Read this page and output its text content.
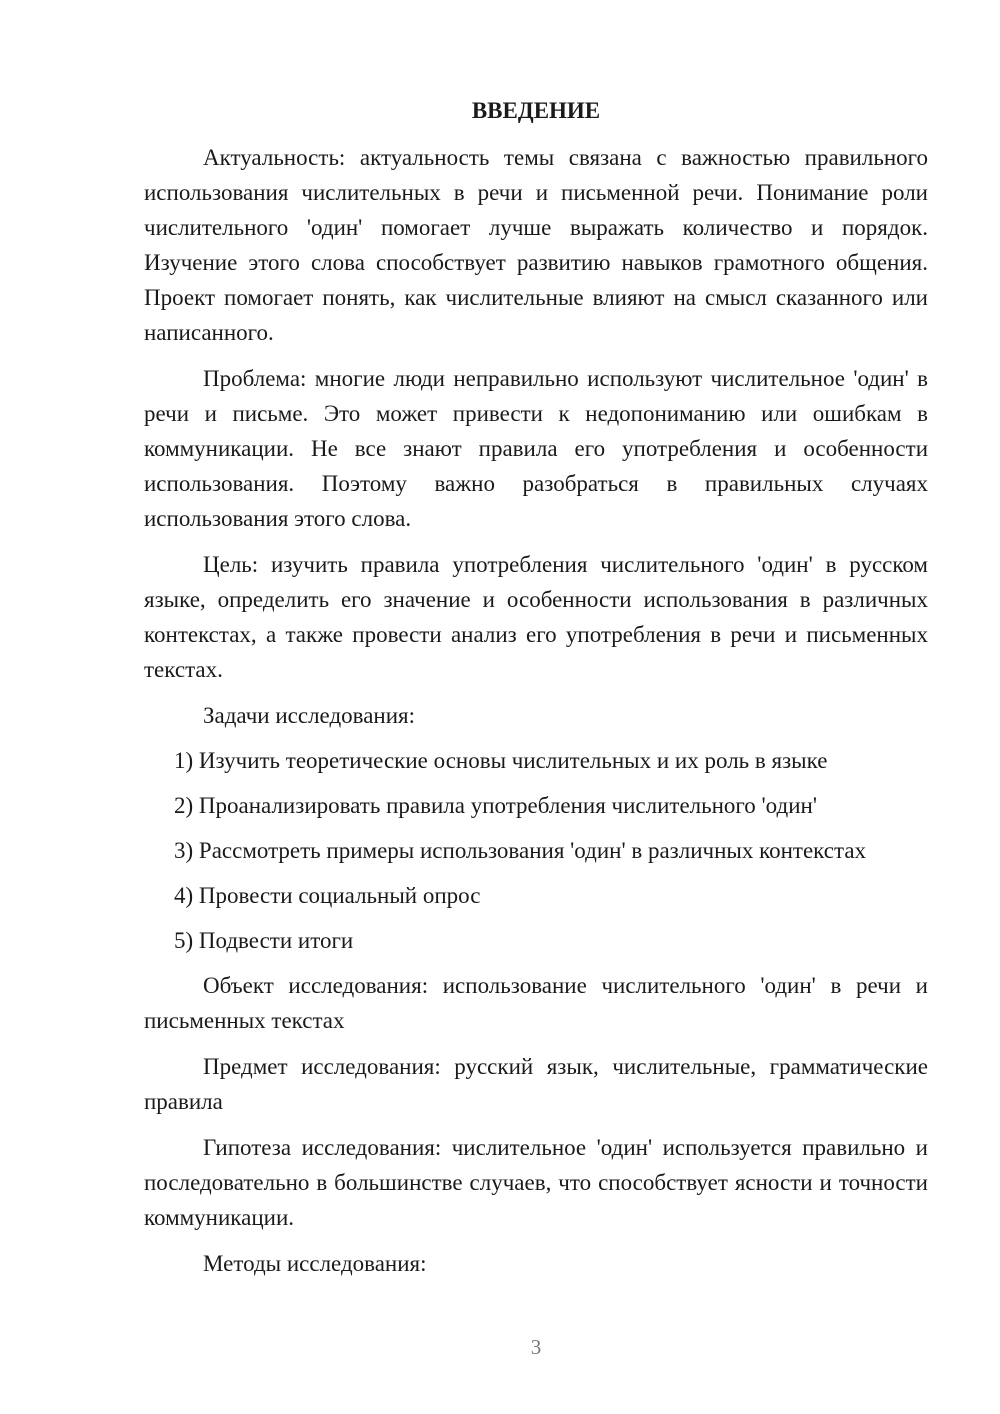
ВВЕДЕНИЕ

Актуальность: актуальность темы связана с важностью правильного использования числительных в речи и письменной речи. Понимание роли числительного 'один' помогает лучше выражать количество и порядок. Изучение этого слова способствует развитию навыков грамотного общения. Проект помогает понять, как числительные влияют на смысл сказанного или написанного.

Проблема: многие люди неправильно используют числительное 'один' в речи и письме. Это может привести к недопониманию или ошибкам в коммуникации. Не все знают правила его употребления и особенности использования. Поэтому важно разобраться в правильных случаях использования этого слова.

Цель: изучить правила употребления числительного 'один' в русском языке, определить его значение и особенности использования в различных контекстах, а также провести анализ его употребления в речи и письменных текстах.

Задачи исследования:

1) Изучить теоретические основы числительных и их роль в языке

2) Проанализировать правила употребления числительного 'один'

3) Рассмотреть примеры использования 'один' в различных контекстах

4) Провести социальный опрос

5) Подвести итоги

Объект исследования: использование числительного 'один' в речи и письменных текстах

Предмет исследования: русский язык, числительные, грамматические правила

Гипотеза исследования: числительное 'один' используется правильно и последовательно в большинстве случаев, что способствует ясности и точности коммуникации.

Методы исследования:

3
